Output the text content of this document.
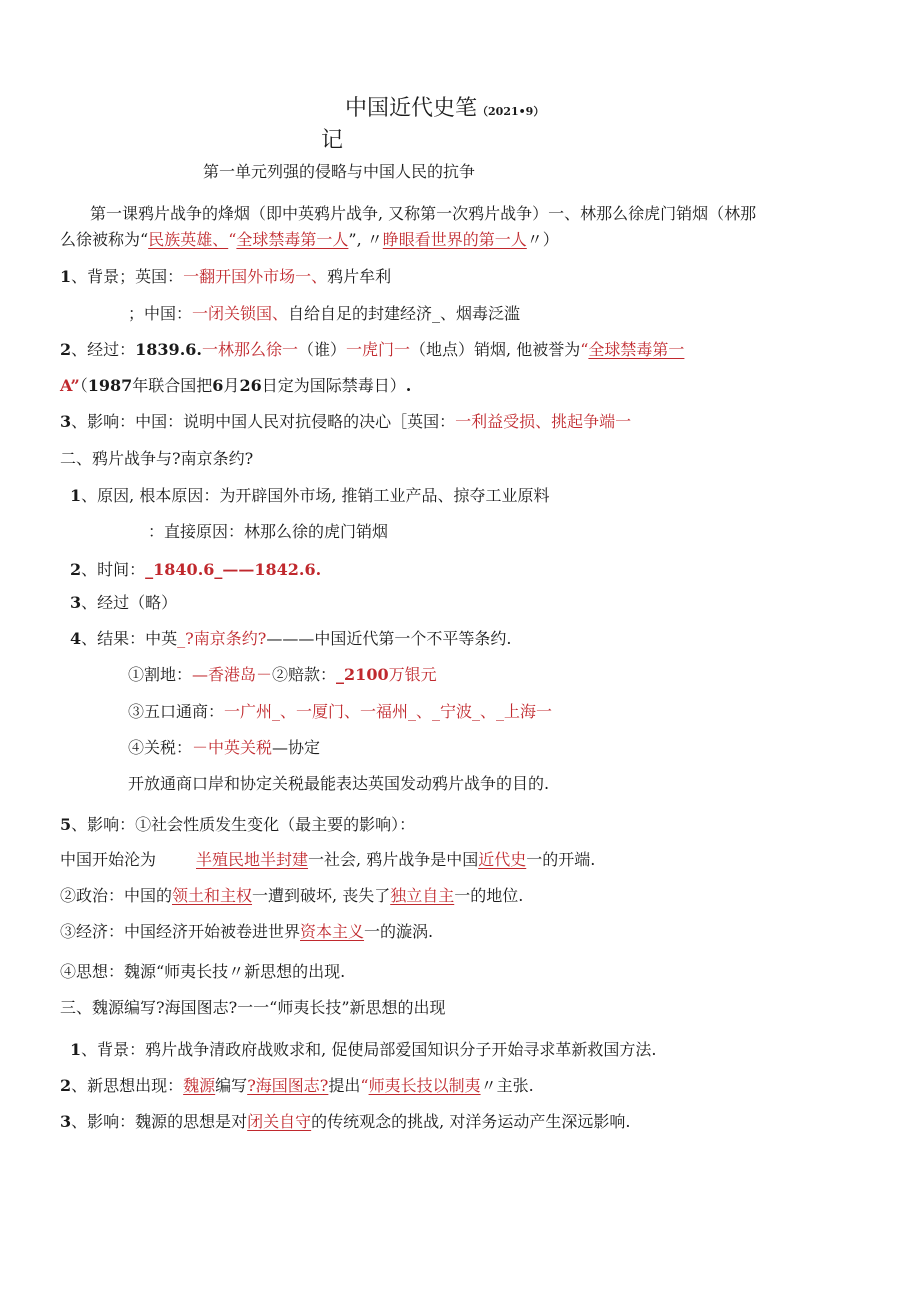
中国近代史笔（2021•9）
记
第一单元列强的侵略与中国人民的抗争
第一课鸦片战争的烽烟（即中英鸦片战争, 又称第一次鸦片战争）一、林那么徐虎门销烟（林那
么徐被称为“民族英雄、“全球禁毒第一人”, 〃睁眼看世界的第一人〃）
1、背景；英国：一翻开国外市场一、鸦片牟利
；中国：一闭关锁国、自给自足的封建经济_、烟毒泛滥
2、经过：1839.6.一林那么徐一（谁）一虎门一（地点）销烟, 他被誉为“全球禁毒第一
A”（1987年联合国把6月26日定为国际禁毒日）.
3、影响：中国：说明中国人民对抗侵略的决心［英国：一利益受损、挑起争端一
二、鸦片战争与?南京条约?
1、原因, 根本原因：为开辟国外市场, 推销工业产品、掠夺工业原料
：直接原因：林那么徐的虎门销烟
2、时间：_1840.6_——1842.6.
3、经过（略）
4、结果：中英_?南京条约?———中国近代第一个不平等条约.
①割地：—香港岛－②赔款：_2100万银元
③五口通商：一广州_、一厦门、一福州_、_宁波_、_上海一
④关税：－中英关税—协定
开放通商口岸和协定关税最能表达英国发动鸦片战争的目的.
5、影响：①社会性质发生变化（最主要的影响）：
中国开始沦为	半殖民地半封建一社会, 鸦片战争是中国近代史一的开端.
②政治：中国的领土和主权一遭到破坏, 丧失了独立自主一的地位.
③经济：中国经济开始被卷进世界资本主义一的漩涡.
④思想：魏源“师夷长技〃新思想的出现.
三、魏源编写?海国图志?一一“师夷长技”新思想的出现
1、背景：鸦片战争清政府战败求和, 促使局部爱国知识分子开始寻求革新救国方法.
2、新思想出现：魏源编写?海国图志?提出“师夷长技以制夷〃主张.
3、影响：魏源的思想是对闭关自守的传统观念的挑战, 对洋务运动产生深远影响.
